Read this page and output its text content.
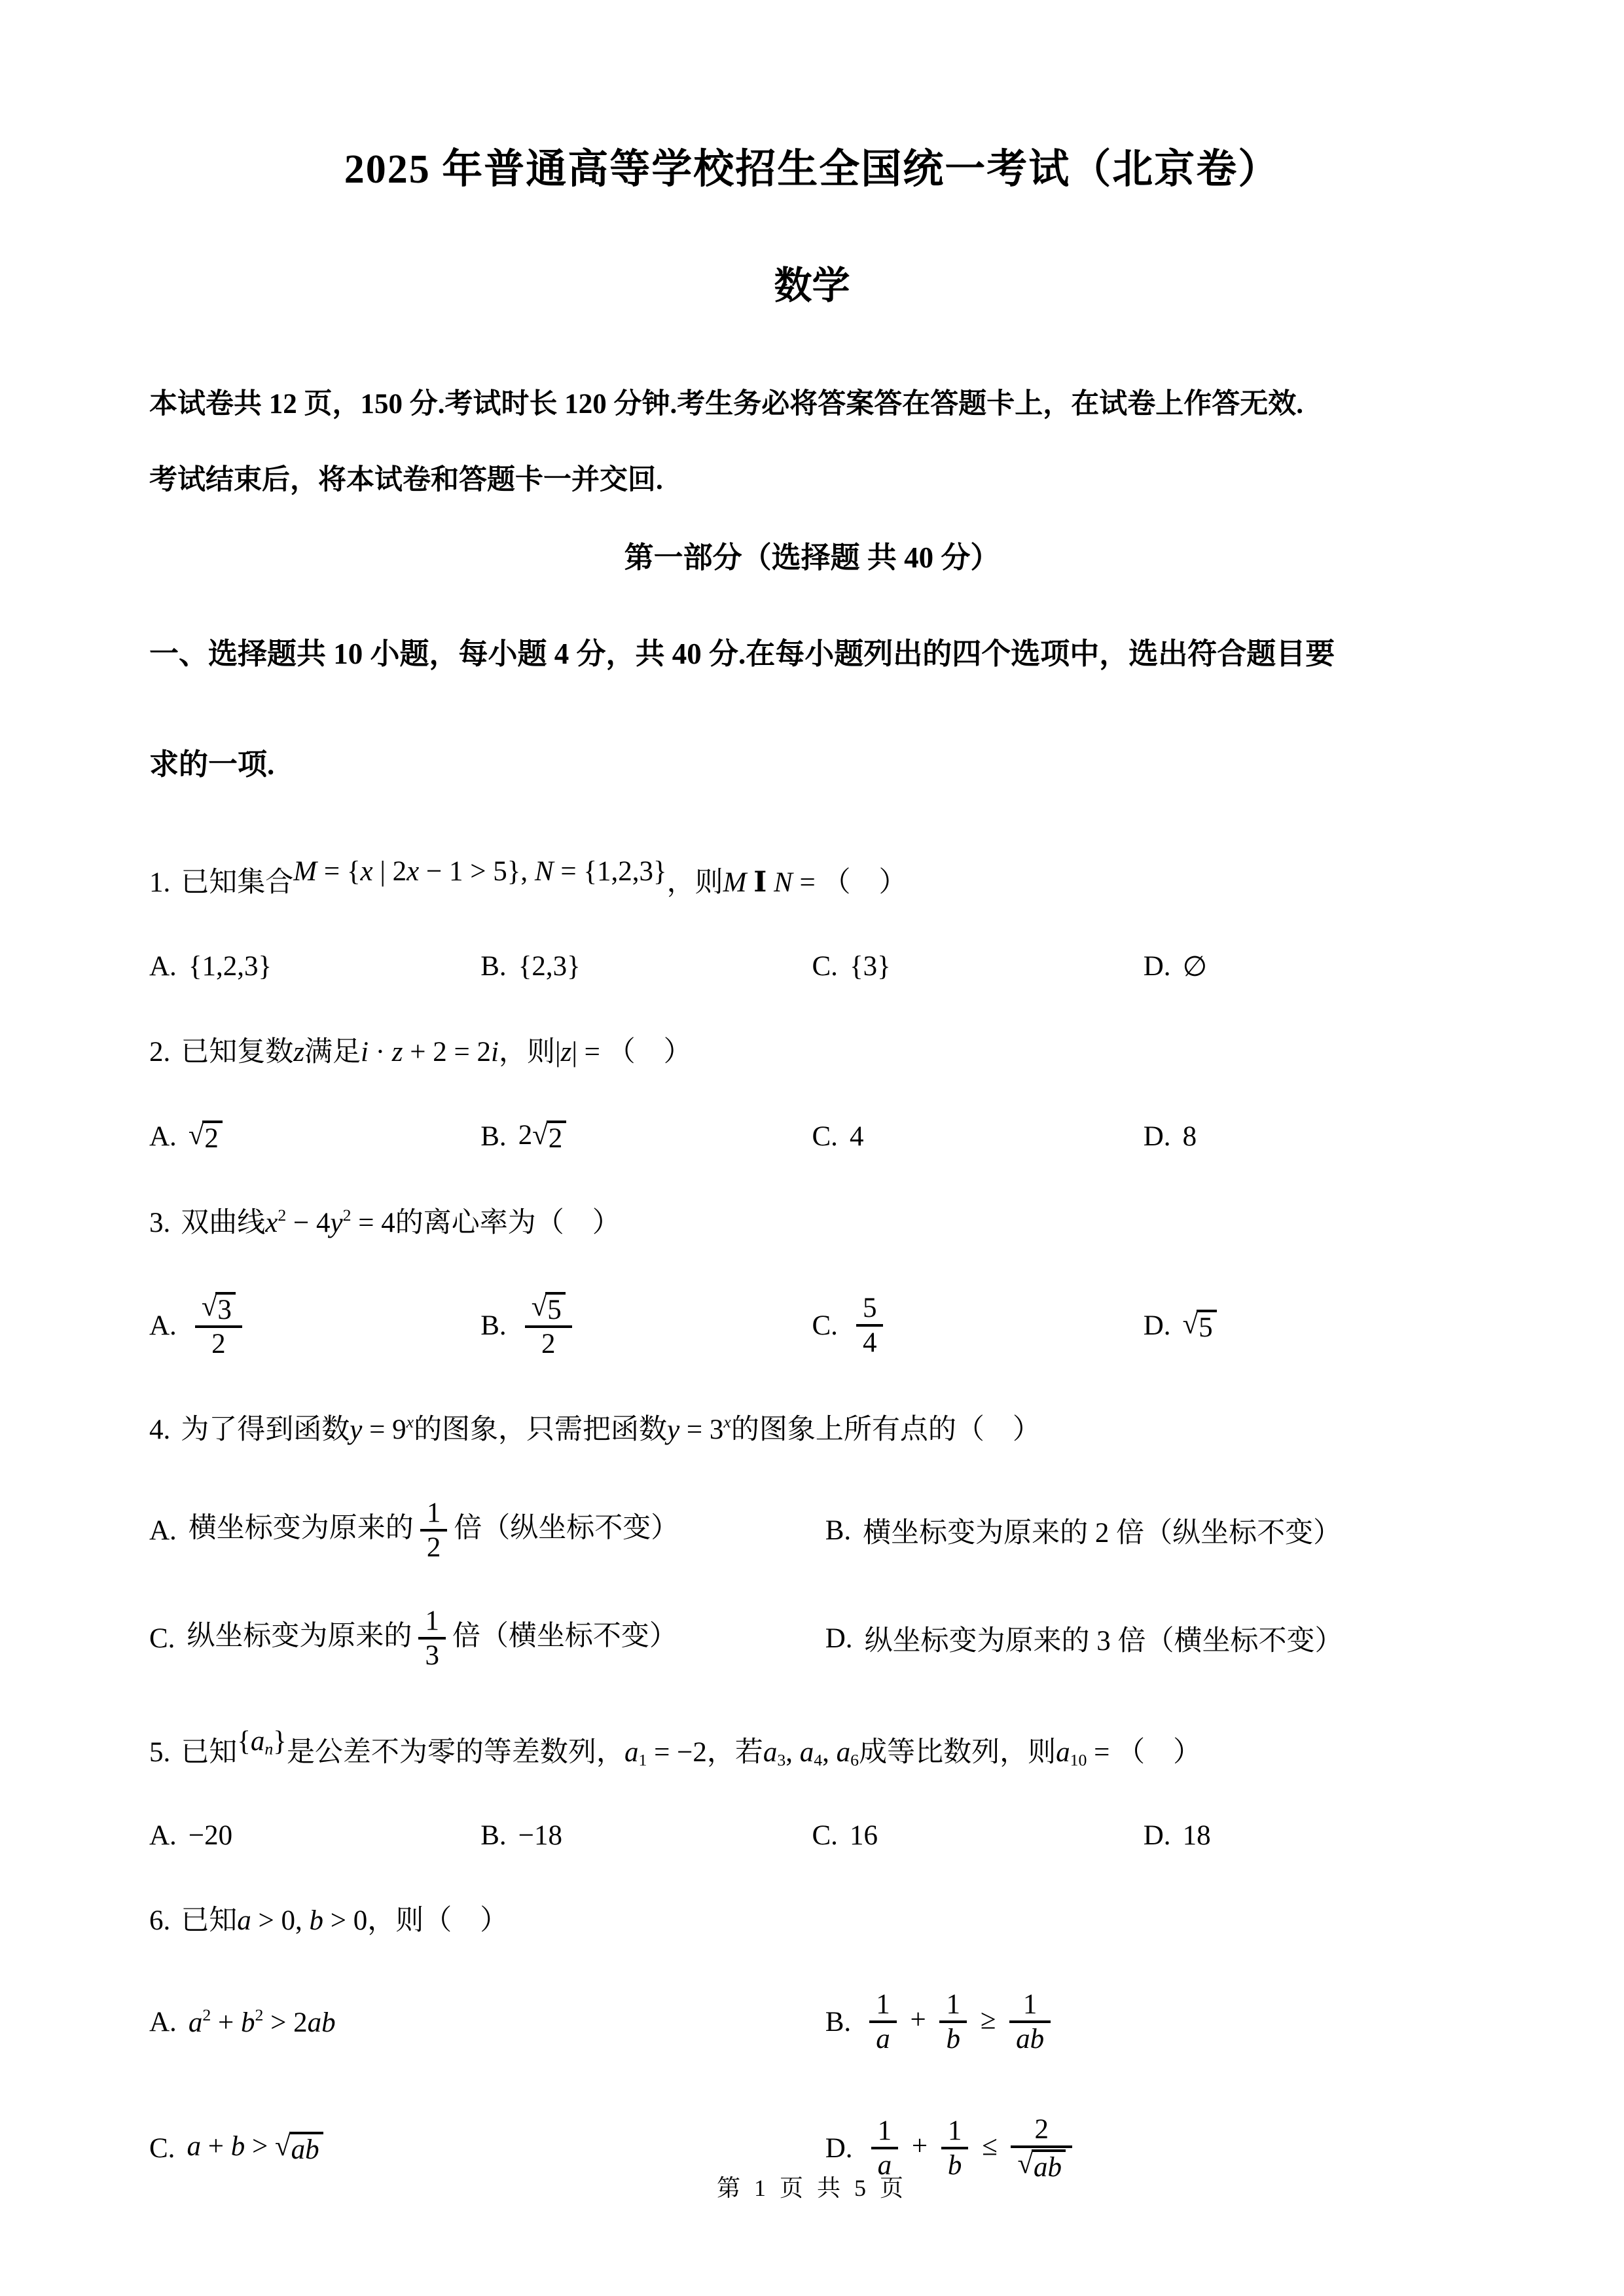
2025 年普通高等学校招生全国统一考试（北京卷）
数学
本试卷共 12 页，150 分.考试时长 120 分钟.考生务必将答案答在答题卡上，在试卷上作答无效.
考试结束后，将本试卷和答题卡一并交回.
第一部分（选择题 共 40 分）
一、选择题共 10 小题，每小题 4 分，共 40 分.在每小题列出的四个选项中，选出符合题目要
求的一项.
1. 已知集合M = {x | 2x − 1 > 5}, N = {1,2,3}，则M Ⅰ N = （　）
A. {1,2,3}	B. {2,3}	C. {3}	D. ∅
2. 已知复数z满足i · z + 2 = 2i，则|z| = （　）
A. √ 2	B. 2 √ 2	C. 4	D. 8
3. 双曲线$x^2 - 4y^2 = 4$的离心率为（　）
A. $\frac{√ 3}{2}$	B. $\frac{√ 5}{2}$	C. $\frac{5}{4}$	D. √ 5
4. 为了得到函数$y = 9^x$的图象，只需把函数$y = 3^x$的图象上所有点的（　）
A. 横坐标变为原来的 $\frac{1}{2}$ 倍（纵坐标不变）	B. 横坐标变为原来的 2 倍（纵坐标不变）
C. 纵坐标变为原来的 $\frac{1}{3}$ 倍（横坐标不变）	D. 纵坐标变为原来的 3 倍（横坐标不变）
5. 已知$\{a_n\}$是公差不为零的等差数列，$a_1 = -2$，若$a_3$, $a_4$, $a_6$成等比数列，则$a_{10}$ = （　）
A. −20	B. −18	C. 16	D. 18
6. 已知a > 0, b > 0，则（　）
A. $a^2 + b^2 > 2ab$	B. $\frac{1}{a} + \frac{1}{b} \ge \frac{1}{ab}$
C. a + b > √ ab	D. $\frac{1}{a} + \frac{1}{b} \le \frac{2}{√ ab}$
第 1 页 共 5 页
